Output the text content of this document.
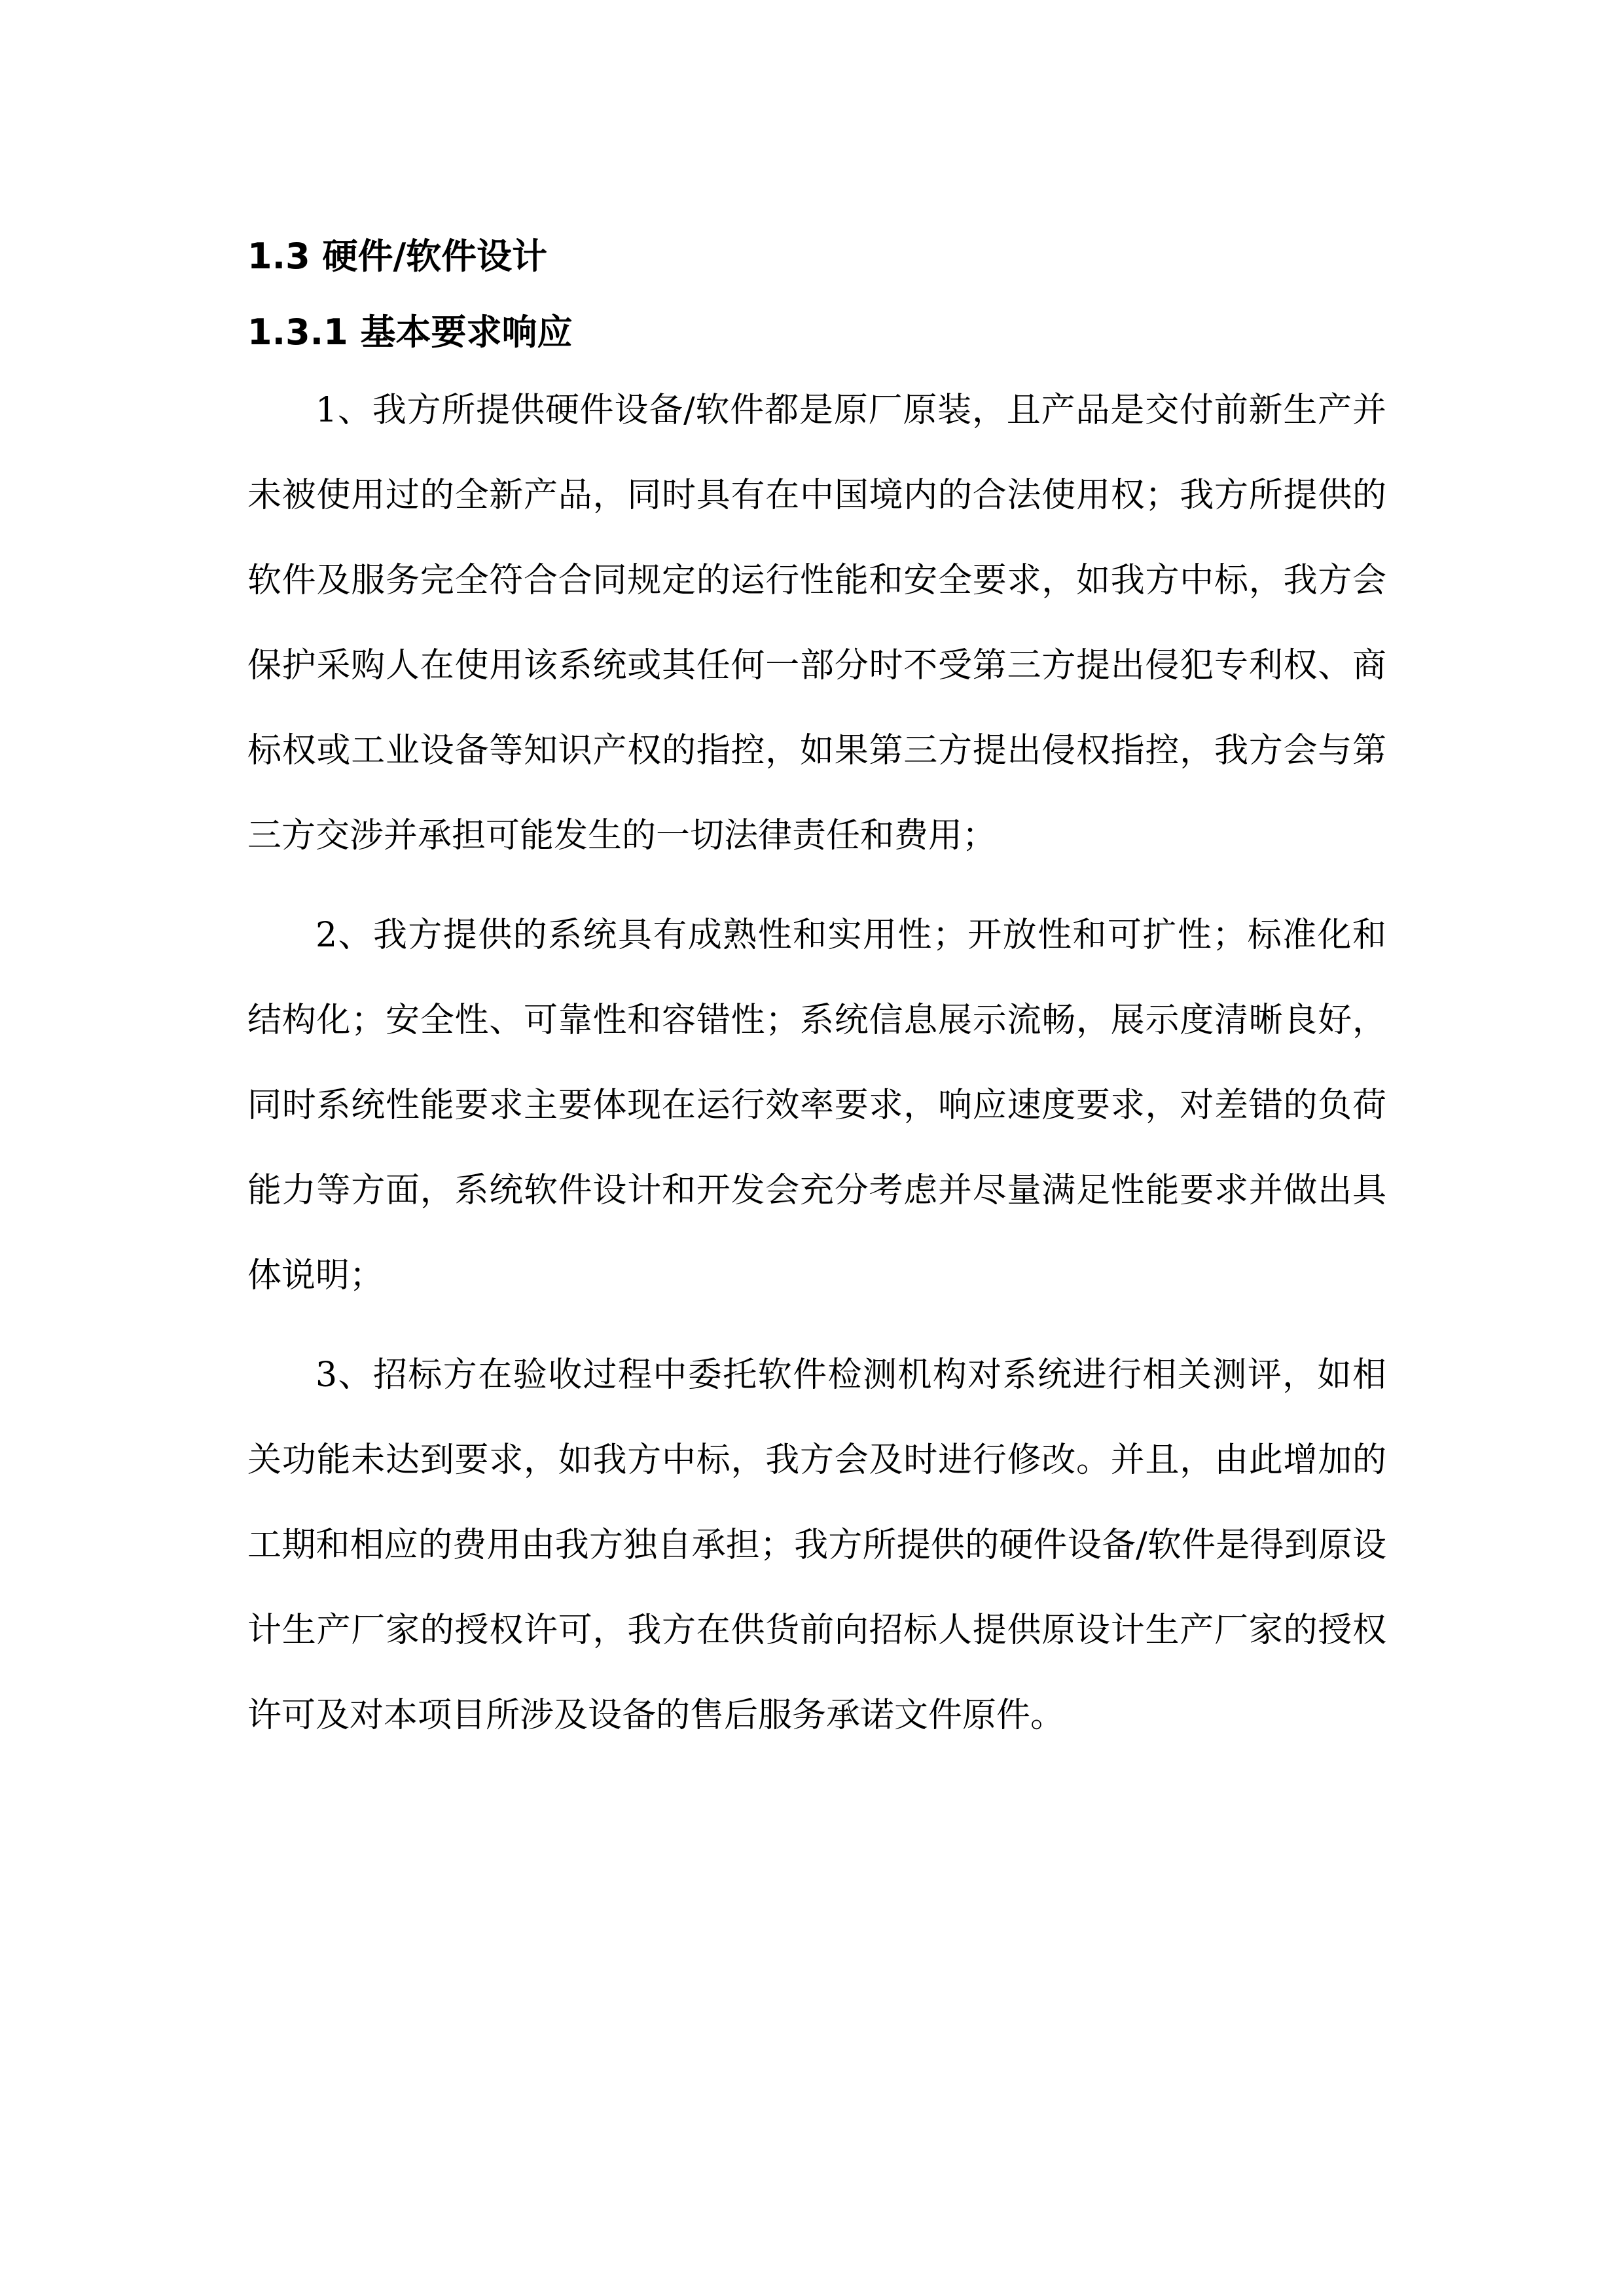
1.3 硬件/软件设计
1.3.1 基本要求响应

1、我方所提供硬件设备/软件都是原厂原装，且产品是交付前新生产并未被使用过的全新产品，同时具有在中国境内的合法使用权；我方所提供的软件及服务完全符合合同规定的运行性能和安全要求，如我方中标，我方会保护采购人在使用该系统或其任何一部分时不受第三方提出侵犯专利权、商标权或工业设备等知识产权的指控，如果第三方提出侵权指控，我方会与第三方交涉并承担可能发生的一切法律责任和费用；

2、我方提供的系统具有成熟性和实用性；开放性和可扩性；标准化和结构化；安全性、可靠性和容错性；系统信息展示流畅，展示度清晰良好，同时系统性能要求主要体现在运行效率要求，响应速度要求，对差错的负荷能力等方面，系统软件设计和开发会充分考虑并尽量满足性能要求并做出具体说明；

3、招标方在验收过程中委托软件检测机构对系统进行相关测评，如相关功能未达到要求，如我方中标，我方会及时进行修改。并且，由此增加的工期和相应的费用由我方独自承担；我方所提供的硬件设备/软件是得到原设计生产厂家的授权许可，我方在供货前向招标人提供原设计生产厂家的授权许可及对本项目所涉及设备的售后服务承诺文件原件。
